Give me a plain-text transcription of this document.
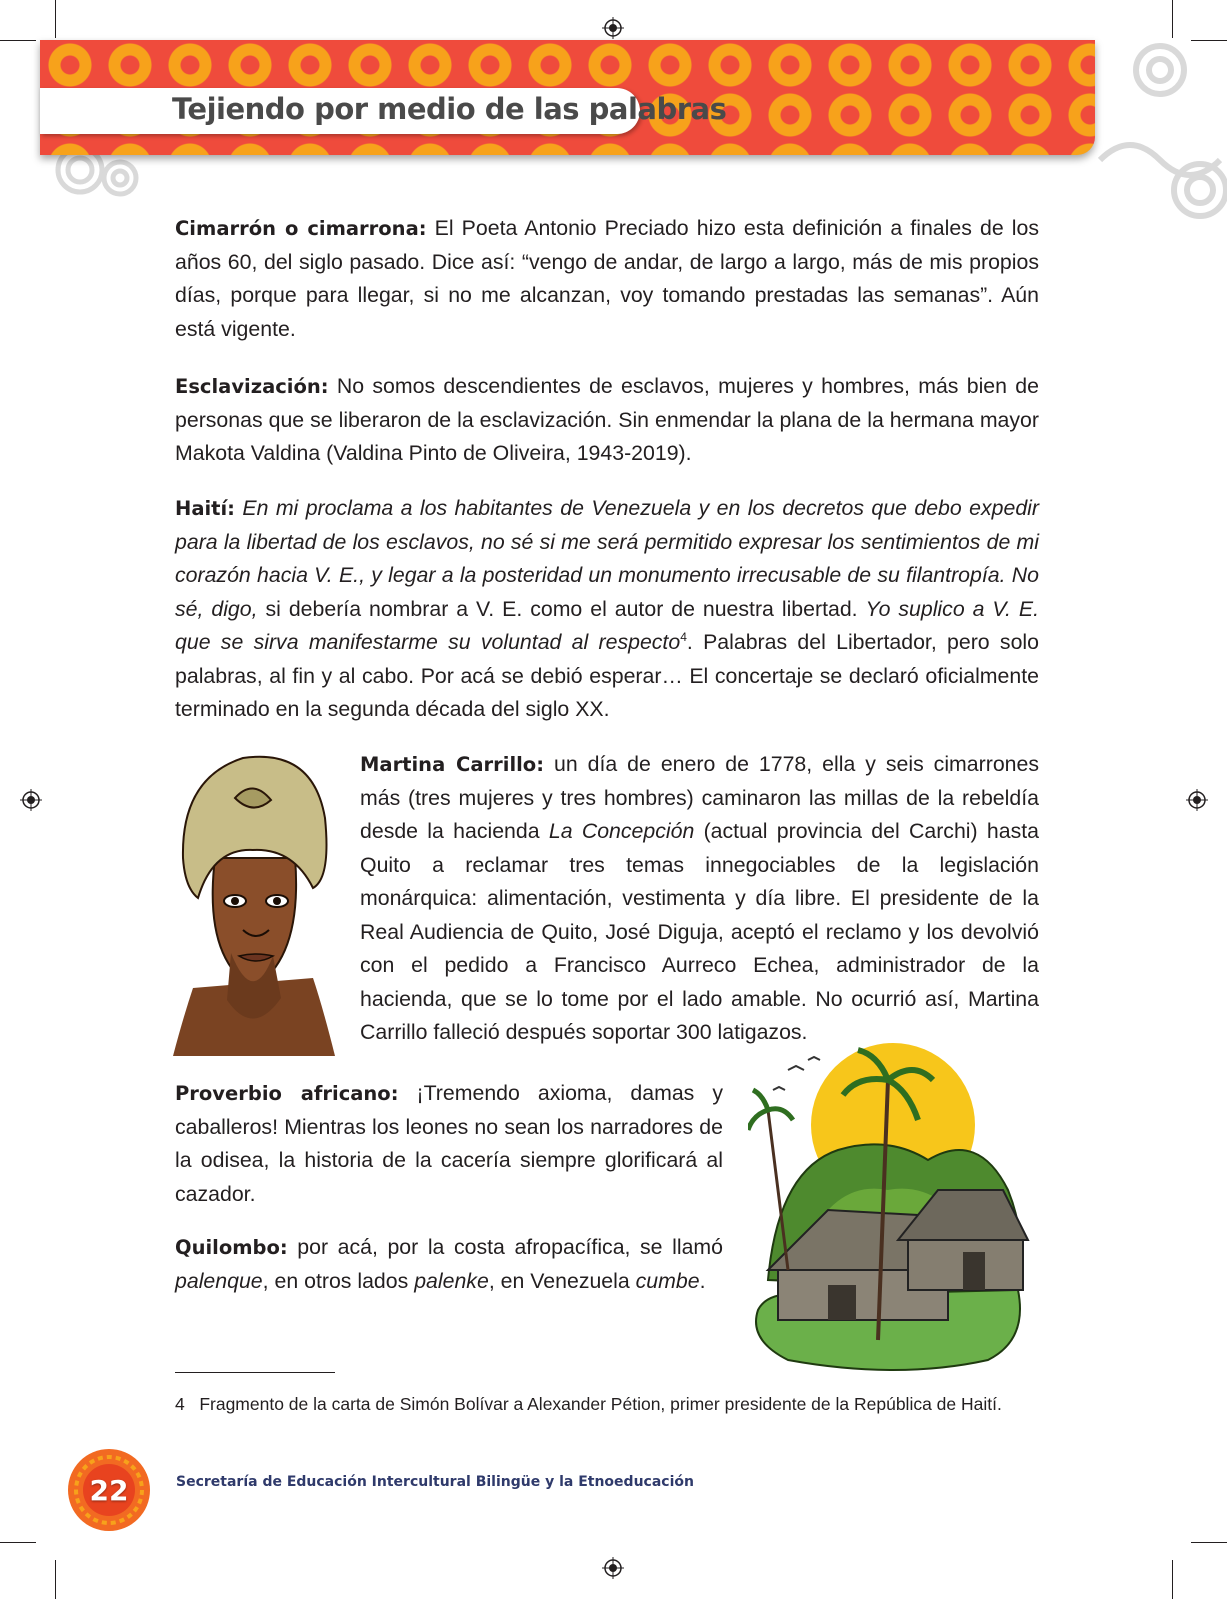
Tejiendo por medio de las palabras

Cimarrón o cimarrona: El Poeta Antonio Preciado hizo esta definición a finales de los años 60, del siglo pasado. Dice así: “vengo de andar, de largo a largo, más de mis propios días, porque para llegar, si no me alcanzan, voy tomando prestadas las semanas”. Aún está vigente.

Esclavización: No somos descendientes de esclavos, mujeres y hombres, más bien de personas que se liberaron de la esclavización. Sin enmendar la plana de la hermana mayor Makota Valdina (Valdina Pinto de Oliveira, 1943-2019).

Haití: En mi proclama a los habitantes de Venezuela y en los decretos que debo expedir para la libertad de los esclavos, no sé si me será permitido expresar los sentimientos de mi corazón hacia V. E., y legar a la posteridad un monumento irrecusable de su filantropía. No sé, digo, si debería nombrar a V. E. como el autor de nuestra libertad. Yo suplico a V. E. que se sirva manifestarme su voluntad al respecto$^4$. Palabras del Libertador, pero solo palabras, al fin y al cabo. Por acá se debió esperar… El concertaje se declaró oficialmente terminado en la segunda década del siglo XX.

Martina Carrillo: un día de enero de 1778, ella y seis cimarrones más (tres mujeres y tres hombres) caminaron las millas de la rebeldía desde la hacienda La Concepción (actual provincia del Carchi) hasta Quito a reclamar tres temas innegociables de la legislación monárquica: alimentación, vestimenta y día libre. El presidente de la Real Audiencia de Quito, José Diguja, aceptó el reclamo y los devolvió con el pedido a Francisco Aurreco Echea, administrador de la hacienda, que se lo tome por el lado amable. No ocurrió así, Martina Carrillo falleció después soportar 300 latigazos.

Proverbio africano: ¡Tremendo axioma, damas y caballeros! Mientras los leones no sean los narradores de la odisea, la historia de la cacería siempre glorificará al cazador.

Quilombo: por acá, por la costa afropacífica, se llamó palenque, en otros lados palenke, en Venezuela cumbe.

4 Fragmento de la carta de Simón Bolívar a Alexander Pétion, primer presidente de la República de Haití.

22	Secretaría de Educación Intercultural Bilingüe y la Etnoeducación
